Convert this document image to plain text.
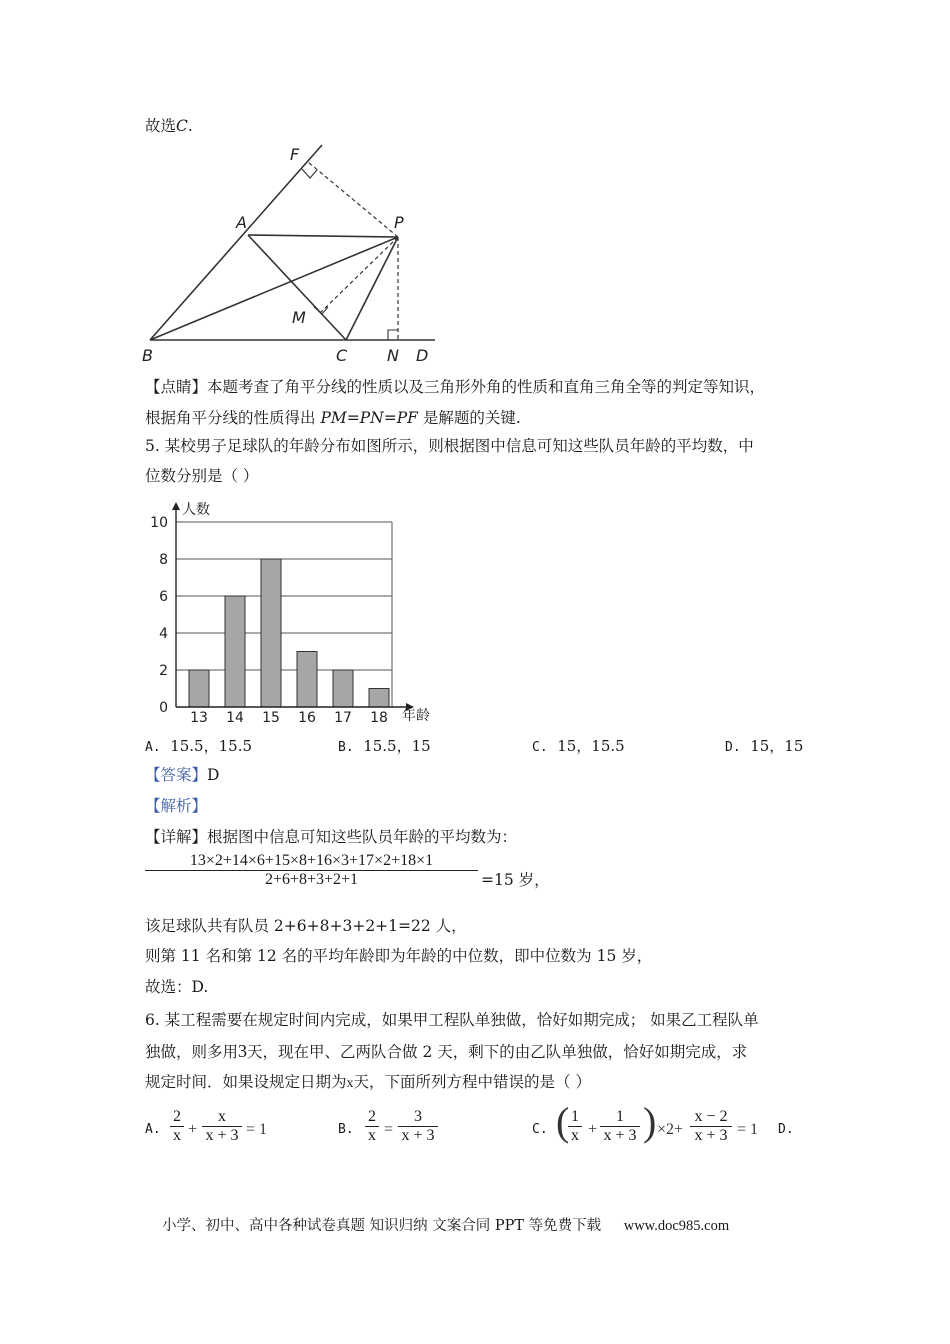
故选C.
F
A	P
M
B	C N D
【点睛】本题考查了角平分线的性质以及三角形外角的性质和直角三角全等的判定等知识，
根据角平分线的性质得出 PM=PN=PF 是解题的关键.
5. 某校男子足球队的年龄分布如图所示，则根据图中信息可知这些队员年龄的平均数，中
位数分别是（ ）
0
2
4
6
8
10
13 14 15 16 17 18
人数
年龄
A. 15.5，15.5	B. 15.5，15	C. 15，15.5	D. 15，15
【答案】D
【解析】
【详解】根据图中信息可知这些队员年龄的平均数为：
13×2+14×6+15×8+16×3+17×2+18×1
2+6+8+3+2+1	=15 岁，
该足球队共有队员 2+6+8+3+2+1=22 人，
则第 11 名和第 12 名的平均年龄即为年龄的中位数，即中位数为 15 岁，
故选：D.
6. 某工程需要在规定时间内完成，如果甲工程队单独做，恰好如期完成； 如果乙工程队单
独做，则多用3天，现在甲、乙两队合做 2 天，剩下的由乙队单独做，恰好如期完成，求
规定时间．如果设规定日期为x天，下面所列方程中错误的是（ ）
A.
2
x +
x
x + 3 = 1	B.
2
x =
3
x + 3	C. ( 1
x +
1
x + 3 ) ×2+
x − 2
x + 3 = 1 D.
小学、初中、高中各种试卷真题 知识归纳 文案合同 PPT 等免费下载 www.doc985.com
